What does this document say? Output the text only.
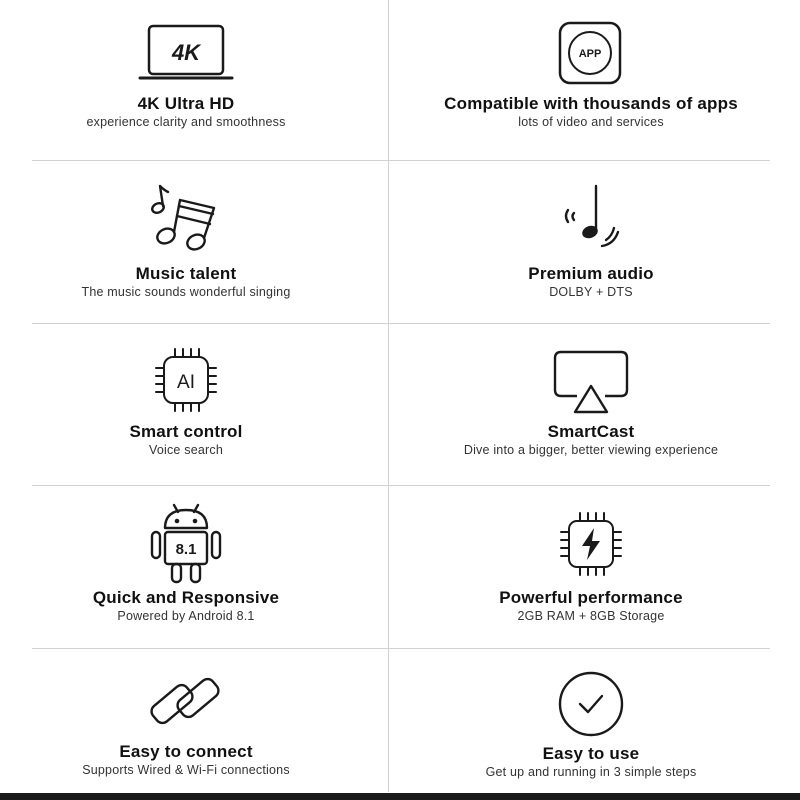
4K
4K Ultra HD
experience clarity and smoothness
APP
Compatible with thousands of apps
lots of video and services
Music talent
The music sounds wonderful singing
Premium audio
DOLBY + DTS
AI
Smart control
Voice search
SmartCast
Dive into a bigger, better viewing experience
8.1
Quick and Responsive
Powered by Android 8.1
Powerful performance
2GB RAM + 8GB Storage
Easy to connect
Supports Wired & Wi-Fi connections
Easy to use
Get up and running in 3 simple steps
